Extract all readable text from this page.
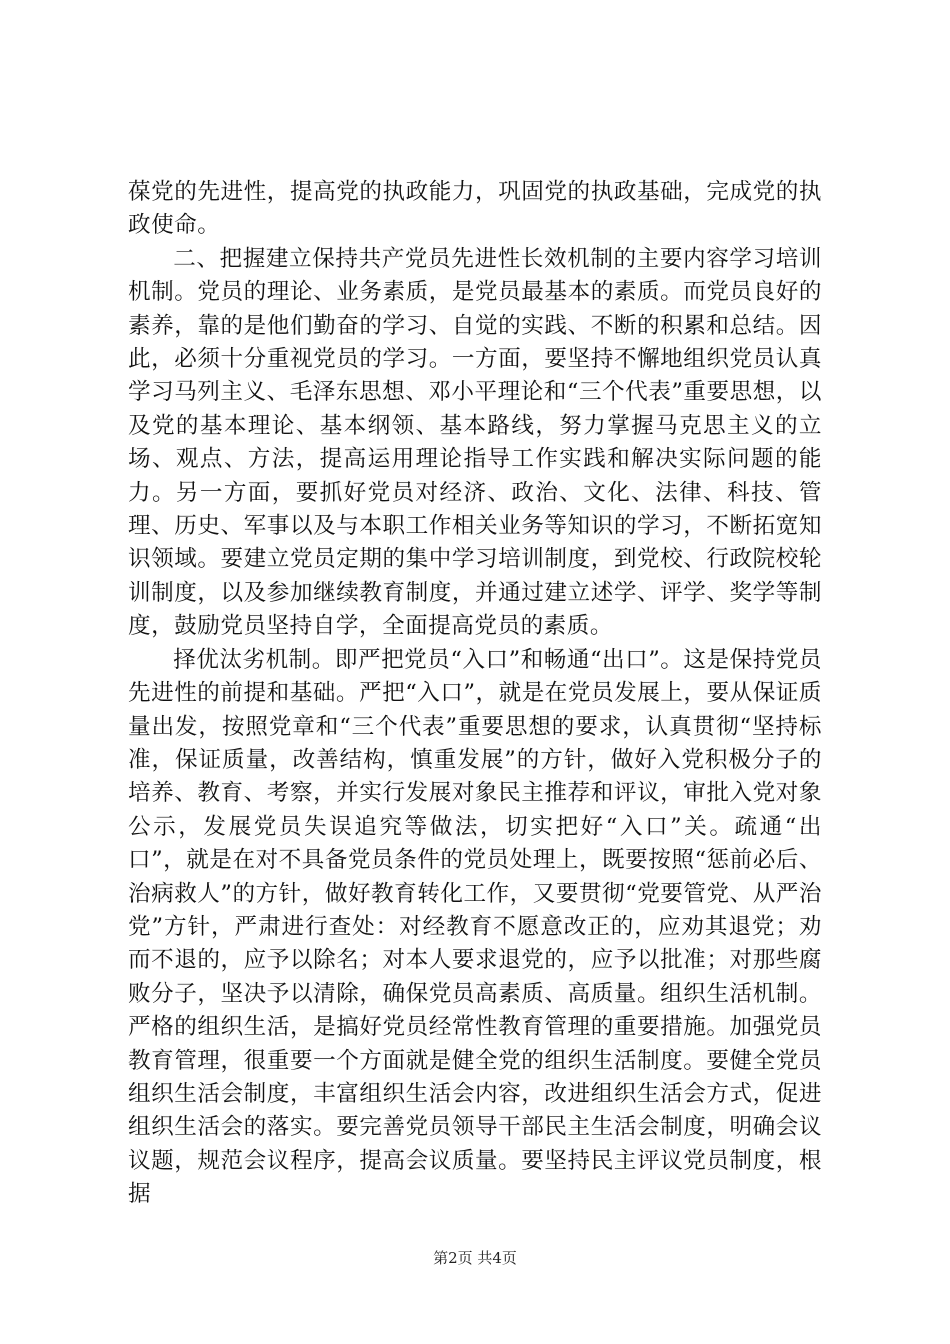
葆党的先进性，提高党的执政能力，巩固党的执政基础，完成党的执政使命。

二、把握建立保持共产党员先进性长效机制的主要内容学习培训机制。党员的理论、业务素质，是党员最基本的素质。而党员良好的素养，靠的是他们勤奋的学习、自觉的实践、不断的积累和总结。因此，必须十分重视党员的学习。一方面，要坚持不懈地组织党员认真学习马列主义、毛泽东思想、邓小平理论和“三个代表”重要思想，以及党的基本理论、基本纲领、基本路线，努力掌握马克思主义的立场、观点、方法，提高运用理论指导工作实践和解决实际问题的能力。另一方面，要抓好党员对经济、政治、文化、法律、科技、管理、历史、军事以及与本职工作相关业务等知识的学习，不断拓宽知识领域。要建立党员定期的集中学习培训制度，到党校、行政院校轮训制度，以及参加继续教育制度，并通过建立述学、评学、奖学等制度，鼓励党员坚持自学，全面提高党员的素质。

择优汰劣机制。即严把党员“入口”和畅通“出口”。这是保持党员先进性的前提和基础。严把“入口”，就是在党员发展上，要从保证质量出发，按照党章和“三个代表”重要思想的要求，认真贯彻“坚持标准，保证质量，改善结构，慎重发展”的方针，做好入党积极分子的培养、教育、考察，并实行发展对象民主推荐和评议，审批入党对象公示，发展党员失误追究等做法，切实把好“入口”关。疏通“出口”，就是在对不具备党员条件的党员处理上，既要按照“惩前必后、治病救人”的方针，做好教育转化工作，又要贯彻“党要管党、从严治党”方针，严肃进行查处：对经教育不愿意改正的，应劝其退党；劝而不退的，应予以除名；对本人要求退党的，应予以批准；对那些腐败分子，坚决予以清除，确保党员高素质、高质量。组织生活机制。严格的组织生活，是搞好党员经常性教育管理的重要措施。加强党员教育管理，很重要一个方面就是健全党的组织生活制度。要健全党员组织生活会制度，丰富组织生活会内容，改进组织生活会方式，促进组织生活会的落实。要完善党员领导干部民主生活会制度，明确会议议题，规范会议程序，提高会议质量。要坚持民主评议党员制度，根据

第2页 共4页
